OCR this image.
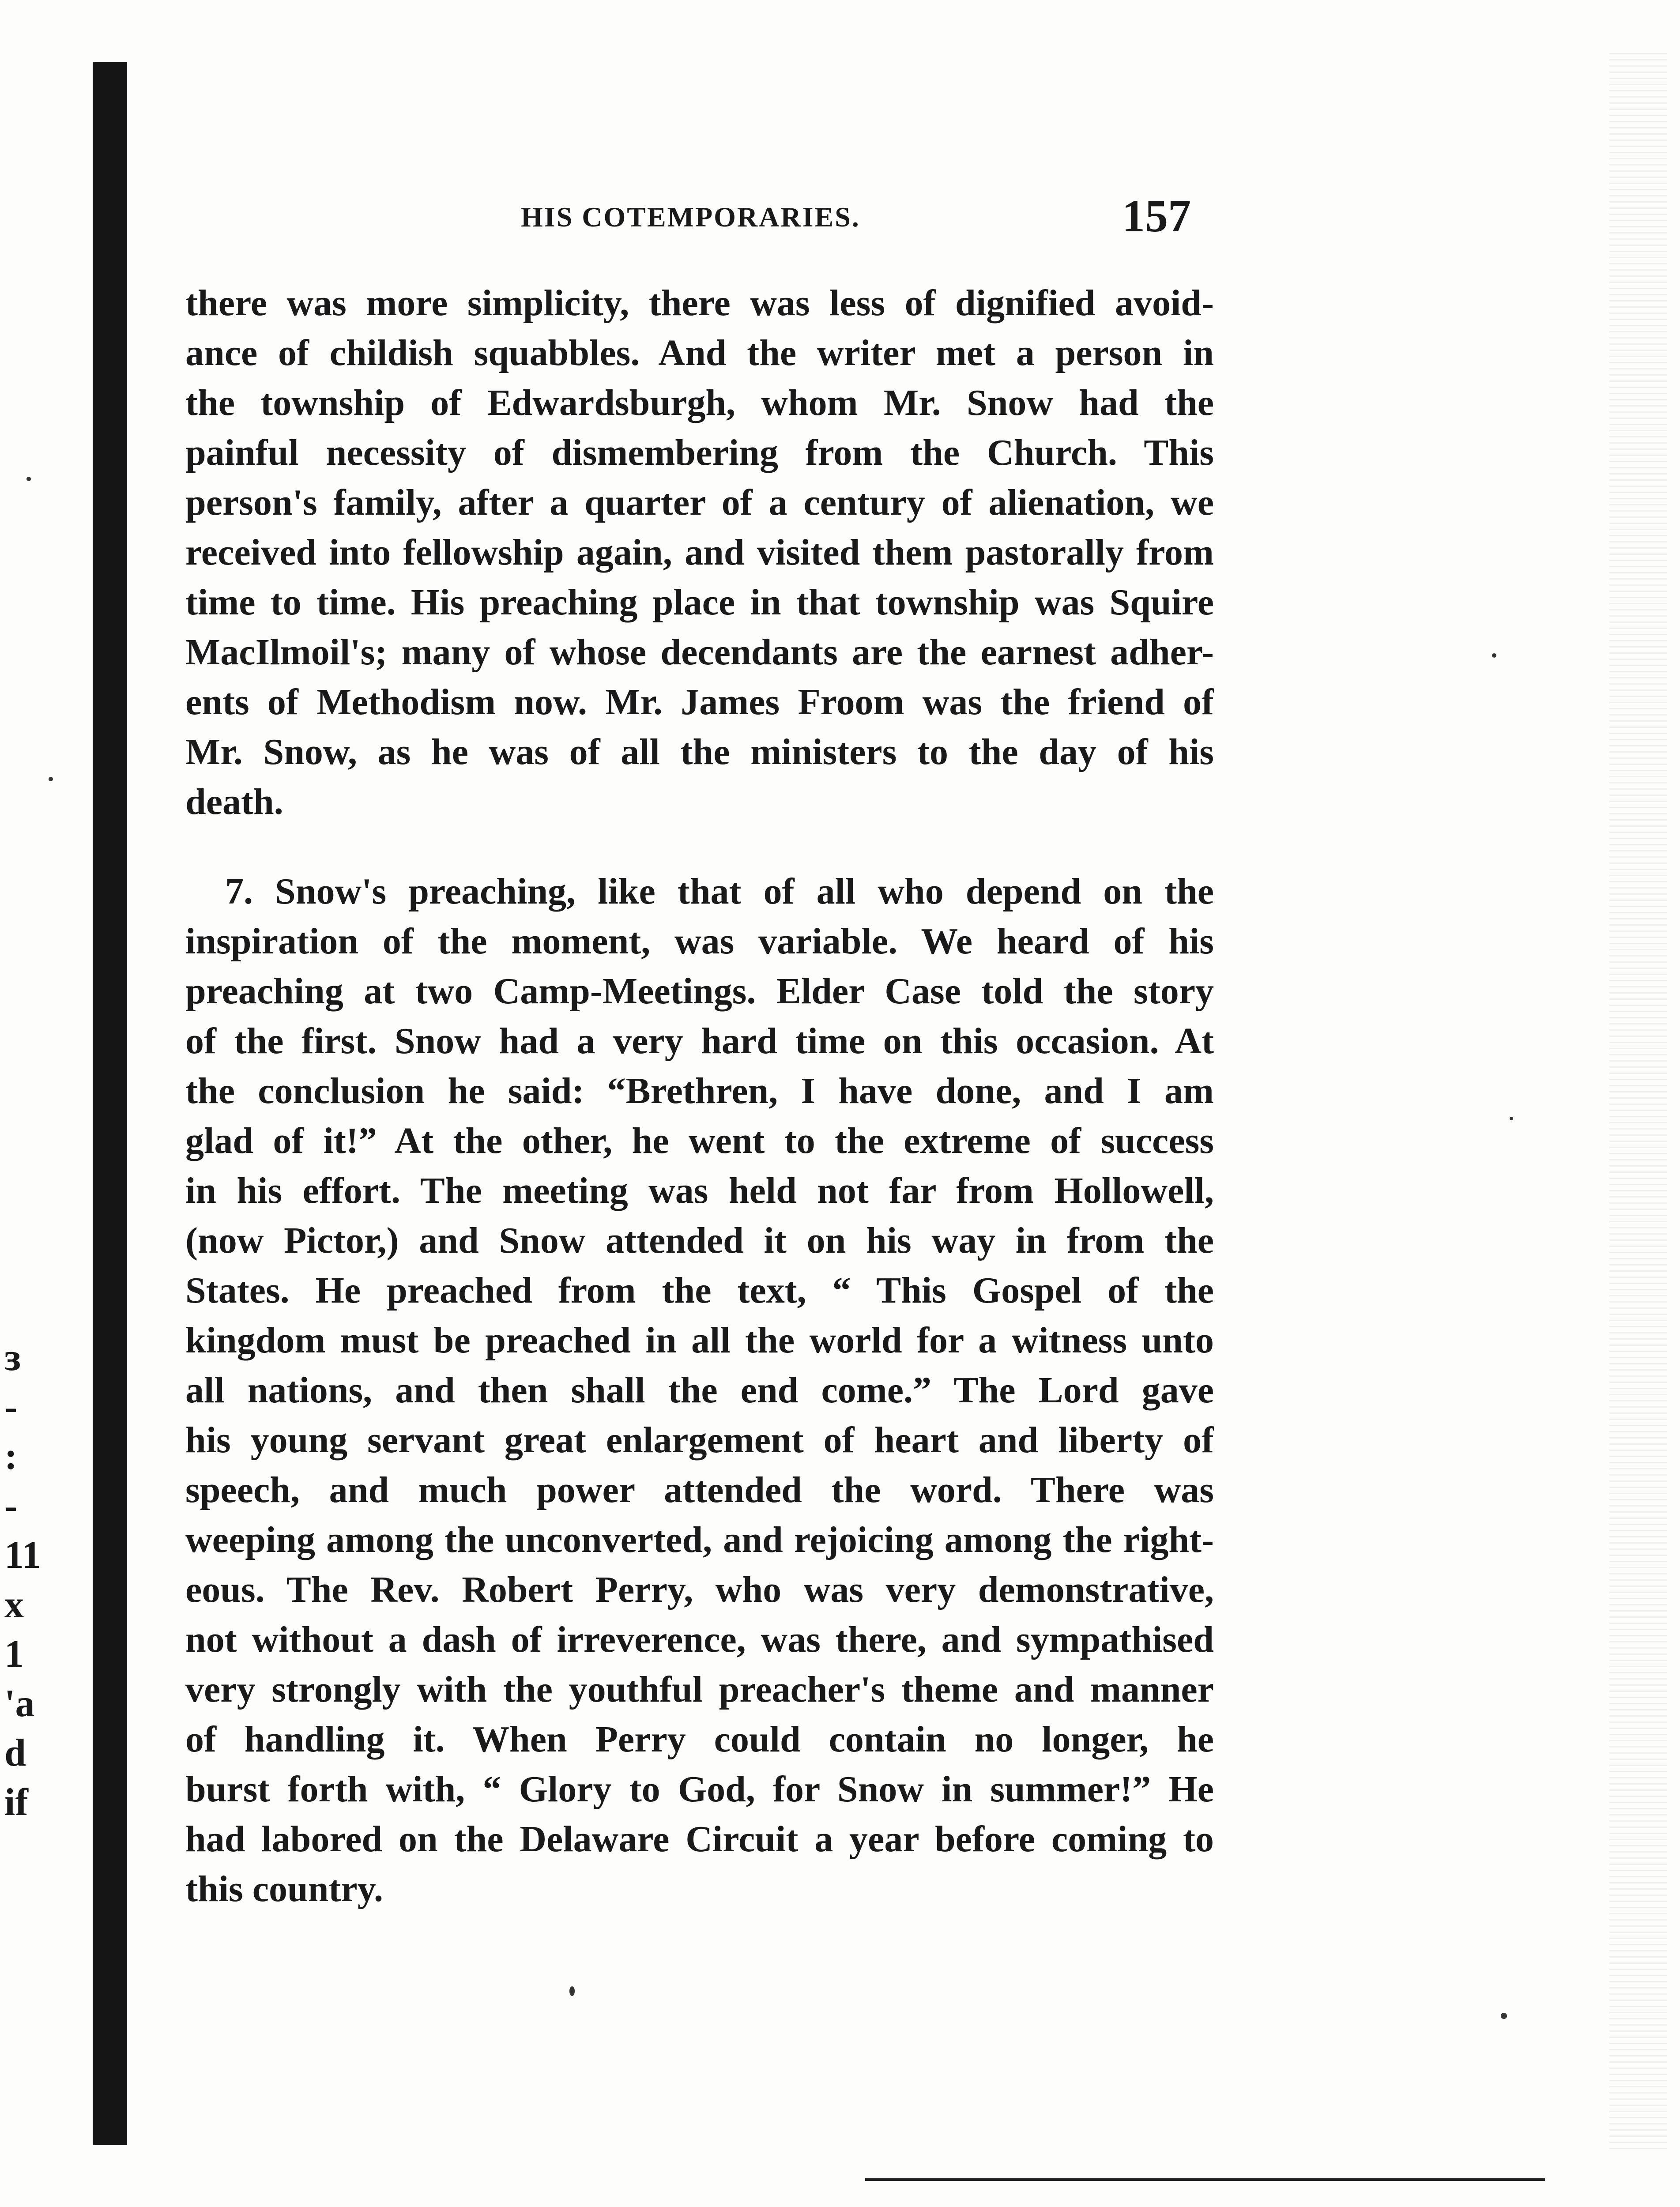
ɜ
-
:
-
11
x
1
'a
d
if
HIS COTEMPORARIES.	157
there was more simplicity, there was less of dignified avoid-
ance of childish squabbles. And the writer met a person in
the township of Edwardsburgh, whom Mr. Snow had the
painful necessity of dismembering from the Church. This
person's family, after a quarter of a century of alienation, we
received into fellowship again, and visited them pastorally from
time to time. His preaching place in that township was Squire
MacIlmoil's; many of whose decendants are the earnest adher-
ents of Methodism now. Mr. James Froom was the friend of
Mr. Snow, as he was of all the ministers to the day of his
death.
7. Snow's preaching, like that of all who depend on the
inspiration of the moment, was variable. We heard of his
preaching at two Camp-Meetings. Elder Case told the story
of the first. Snow had a very hard time on this occasion. At
the conclusion he said: “Brethren, I have done, and I am
glad of it!” At the other, he went to the extreme of success
in his effort. The meeting was held not far from Hollowell,
(now Pictor,) and Snow attended it on his way in from the
States. He preached from the text, “ This Gospel of the
kingdom must be preached in all the world for a witness unto
all nations, and then shall the end come.” The Lord gave
his young servant great enlargement of heart and liberty of
speech, and much power attended the word. There was
weeping among the unconverted, and rejoicing among the right-
eous. The Rev. Robert Perry, who was very demonstrative,
not without a dash of irreverence, was there, and sympathised
very strongly with the youthful preacher's theme and manner
of handling it. When Perry could contain no longer, he
burst forth with, “ Glory to God, for Snow in summer!” He
had labored on the Delaware Circuit a year before coming to
this country.
